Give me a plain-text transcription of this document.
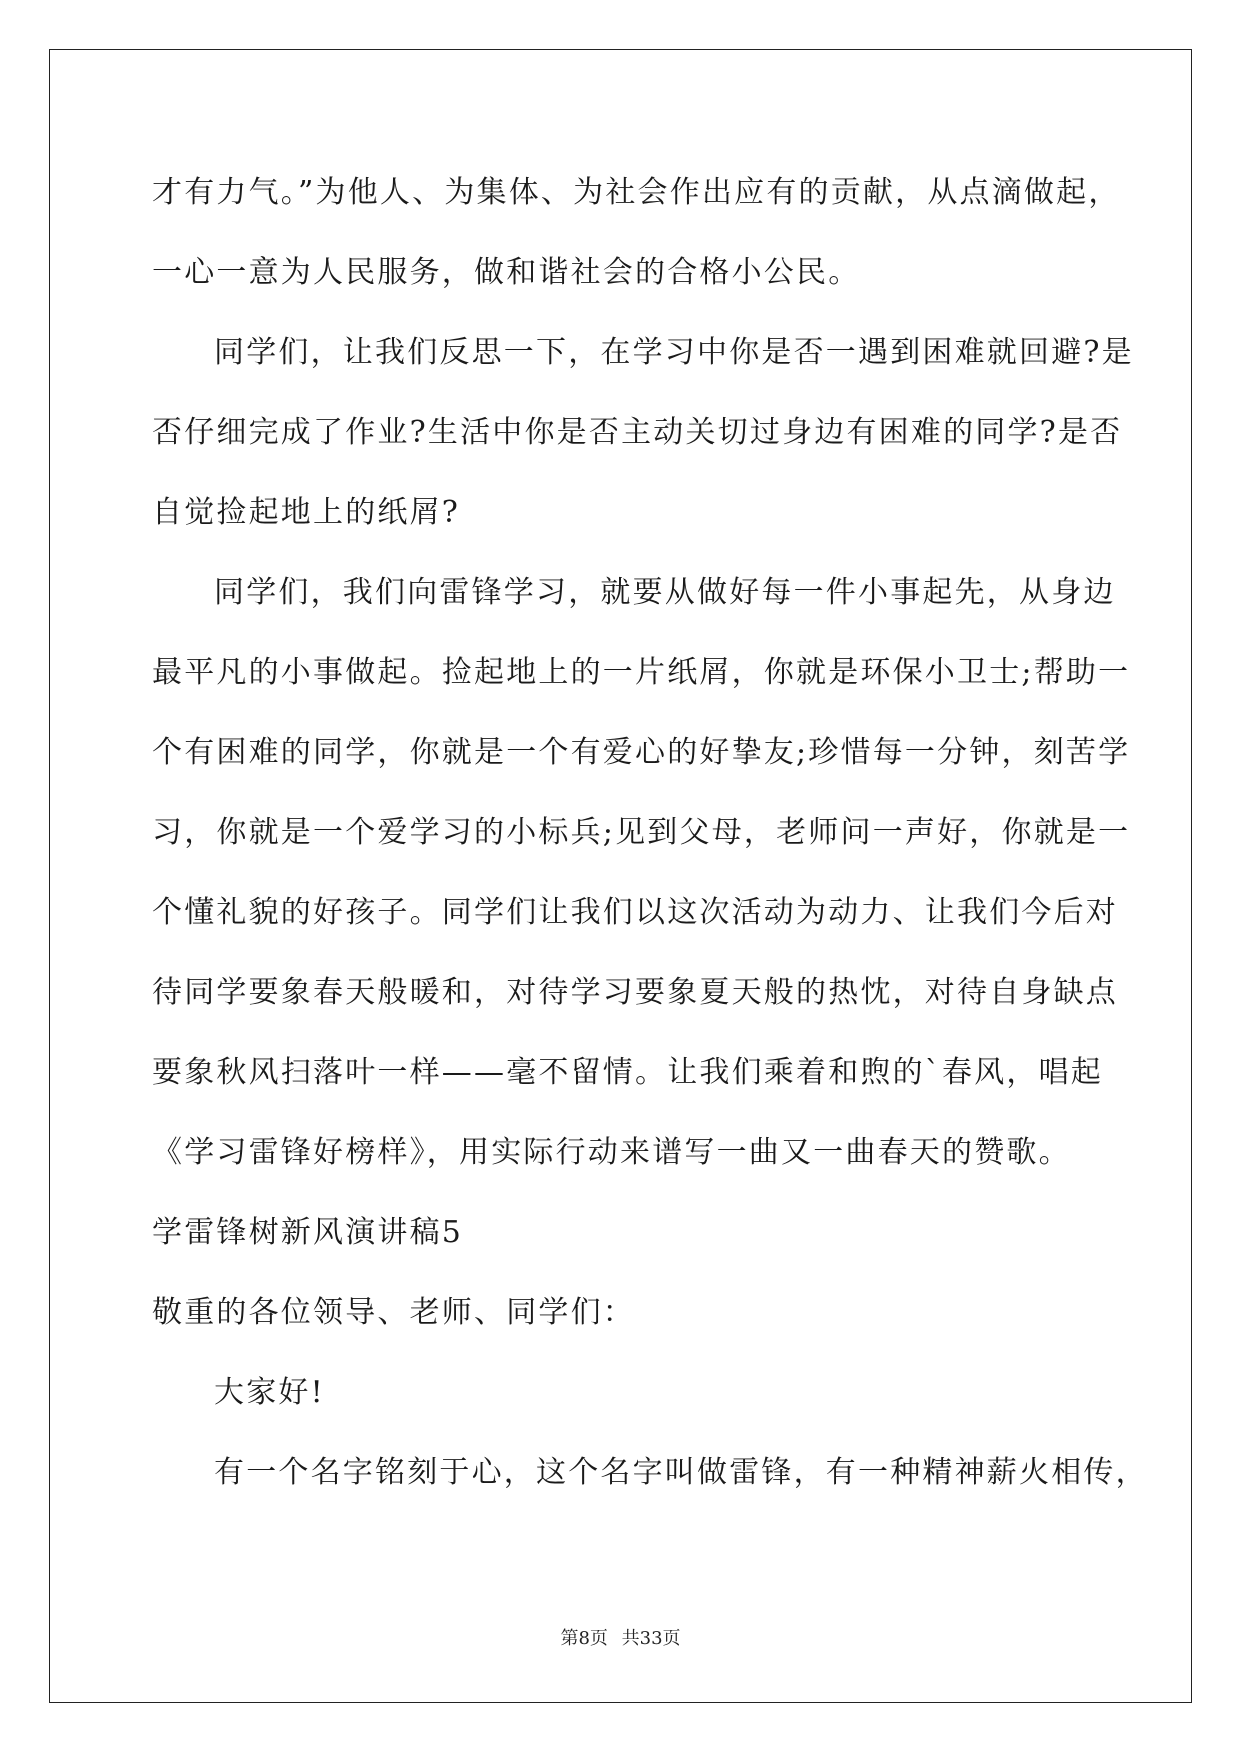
才有力气。”为他人、为集体、为社会作出应有的贡献，从点滴做起，
一心一意为人民服务，做和谐社会的合格小公民。
同学们，让我们反思一下，在学习中你是否一遇到困难就回避?是
否仔细完成了作业?生活中你是否主动关切过身边有困难的同学?是否
自觉捡起地上的纸屑?
同学们，我们向雷锋学习，就要从做好每一件小事起先，从身边
最平凡的小事做起。捡起地上的一片纸屑，你就是环保小卫士;帮助一
个有困难的同学，你就是一个有爱心的好挚友;珍惜每一分钟，刻苦学
习，你就是一个爱学习的小标兵;见到父母，老师问一声好，你就是一
个懂礼貌的好孩子。同学们让我们以这次活动为动力、让我们今后对
待同学要象春天般暖和，对待学习要象夏天般的热忱，对待自身缺点
要象秋风扫落叶一样——毫不留情。让我们乘着和煦的`春风，唱起
《学习雷锋好榜样》，用实际行动来谱写一曲又一曲春天的赞歌。
学雷锋树新风演讲稿5
敬重的各位领导、老师、同学们：
大家好!
有一个名字铭刻于心，这个名字叫做雷锋，有一种精神薪火相传，
第8页 共33页
